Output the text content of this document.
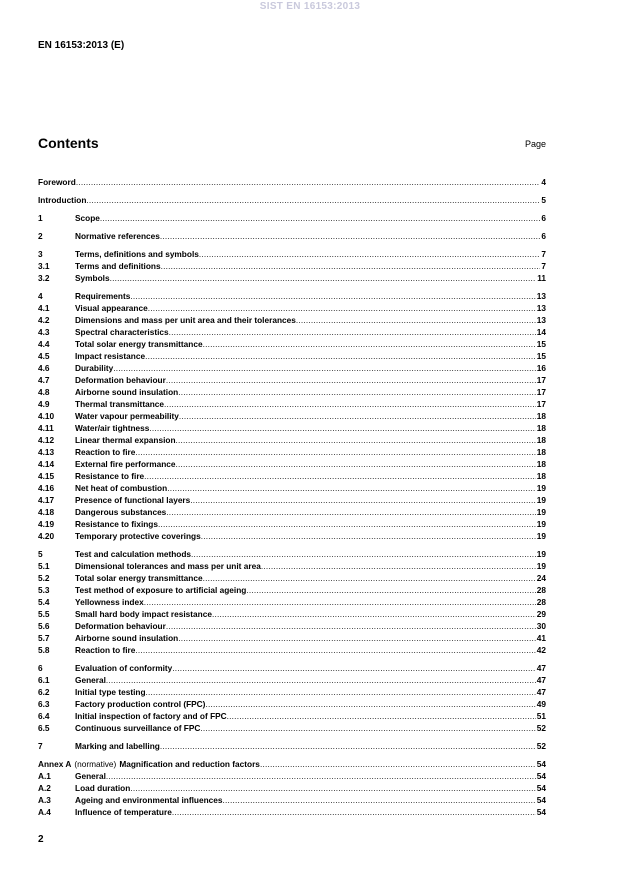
SIST EN 16153:2013
EN 16153:2013 (E)
Contents	Page
Foreword .....	4
Introduction .....	5
1	Scope .....	6
2	Normative references .....	6
3	Terms, definitions and symbols .....	7
3.1	Terms and definitions .....	7
3.2	Symbols .....	11
4	Requirements .....	13
4.1	Visual appearance .....	13
4.2	Dimensions and mass per unit area and their tolerances .....	13
4.3	Spectral characteristics .....	14
4.4	Total solar energy transmittance .....	15
4.5	Impact resistance .....	15
4.6	Durability .....	16
4.7	Deformation behaviour .....	17
4.8	Airborne sound insulation .....	17
4.9	Thermal transmittance .....	17
4.10	Water vapour permeability .....	18
4.11	Water/air tightness .....	18
4.12	Linear thermal expansion .....	18
4.13	Reaction to fire .....	18
4.14	External fire performance .....	18
4.15	Resistance to fire .....	18
4.16	Net heat of combustion .....	19
4.17	Presence of functional layers .....	19
4.18	Dangerous substances .....	19
4.19	Resistance to fixings .....	19
4.20	Temporary protective coverings .....	19
5	Test and calculation methods .....	19
5.1	Dimensional tolerances and mass per unit area .....	19
5.2	Total solar energy transmittance .....	24
5.3	Test method of exposure to artificial ageing .....	28
5.4	Yellowness index .....	28
5.5	Small hard body impact resistance .....	29
5.6	Deformation behaviour .....	30
5.7	Airborne sound insulation .....	41
5.8	Reaction to fire .....	42
6	Evaluation of conformity .....	47
6.1	General .....	47
6.2	Initial type testing .....	47
6.3	Factory production control (FPC) .....	49
6.4	Initial inspection of factory and of FPC .....	51
6.5	Continuous surveillance of FPC .....	52
7	Marking and labelling .....	52
Annex A (normative) Magnification and reduction factors .....	54
A.1	General .....	54
A.2	Load duration .....	54
A.3	Ageing and environmental influences .....	54
A.4	Influence of temperature .....	54
2
